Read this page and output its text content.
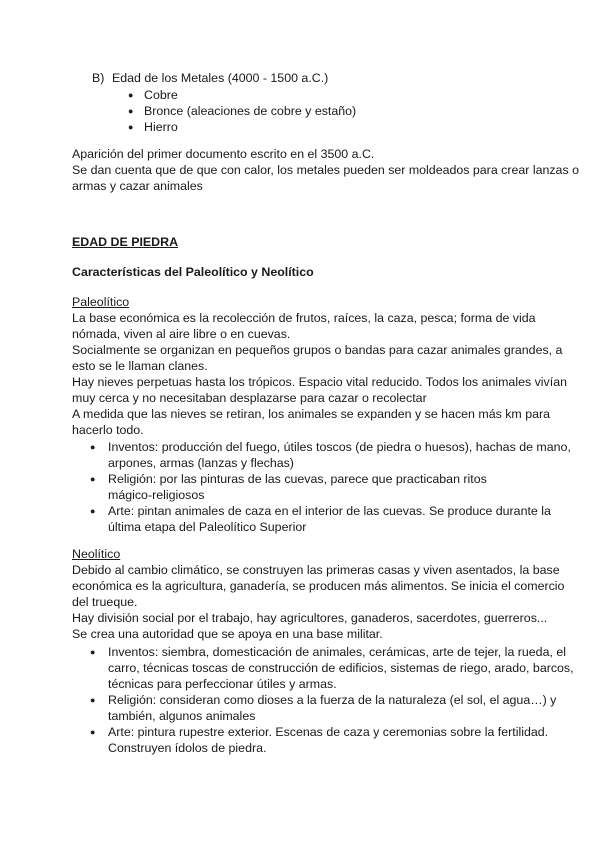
B) Edad de los Metales (4000 - 1500 a.C.)
● Cobre
● Bronce (aleaciones de cobre y estaño)
● Hierro
Aparición del primer documento escrito en el 3500 a.C.
Se dan cuenta que de que con calor, los metales pueden ser moldeados para crear lanzas o
armas y cazar animales
EDAD DE PIEDRA
Características del Paleolítico y Neolítico
Paleolítico
La base económica es la recolección de frutos, raíces, la caza, pesca; forma de vida
nómada, viven al aire libre o en cuevas.
Socialmente se organizan en pequeños grupos o bandas para cazar animales grandes, a
esto se le llaman clanes.
Hay nieves perpetuas hasta los trópicos. Espacio vital reducido. Todos los animales vivían
muy cerca y no necesitaban desplazarse para cazar o recolectar
A medida que las nieves se retiran, los animales se expanden y se hacen más km para
hacerlo todo.
● Inventos: producción del fuego, útiles toscos (de piedra o huesos), hachas de mano,
arpones, armas (lanzas y flechas)
● Religión: por las pinturas de las cuevas, parece que practicaban ritos
mágico-religiosos
● Arte: pintan animales de caza en el interior de las cuevas. Se produce durante la
última etapa del Paleolítico Superior
Neolítico
Debido al cambio climático, se construyen las primeras casas y viven asentados, la base
económica es la agricultura, ganadería, se producen más alimentos. Se inicia el comercio
del trueque.
Hay división social por el trabajo, hay agricultores, ganaderos, sacerdotes, guerreros...
Se crea una autoridad que se apoya en una base militar.
● Inventos: siembra, domesticación de animales, cerámicas, arte de tejer, la rueda, el
carro, técnicas toscas de construcción de edificios, sistemas de riego, arado, barcos,
técnicas para perfeccionar útiles y armas.
● Religión: consideran como dioses a la fuerza de la naturaleza (el sol, el agua…) y
también, algunos animales
● Arte: pintura rupestre exterior. Escenas de caza y ceremonias sobre la fertilidad.
Construyen ídolos de piedra.
